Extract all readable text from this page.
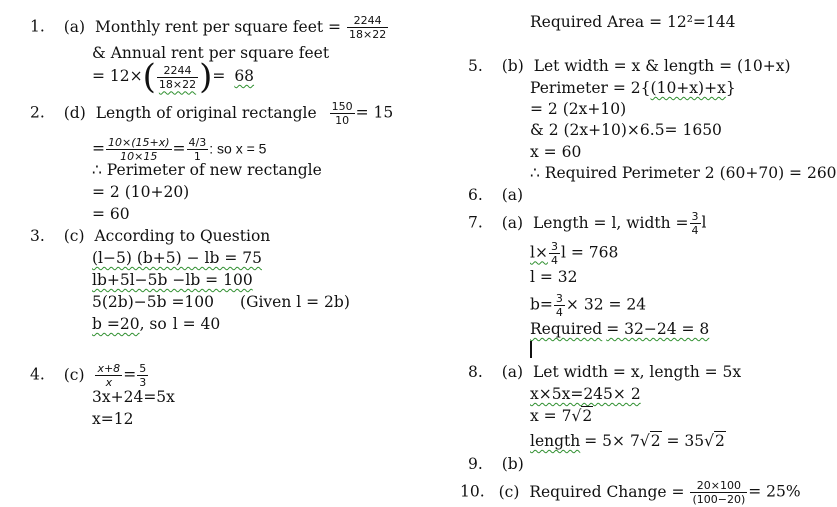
1. (a) Monthly rent per square feet = $\frac{2244}{18\times 22}$
& Annual rent per square feet
= $12\times( \frac{2244}{18\times 22}$ )= 68
2. (d) Length of original rectangle $\frac{150}{10} = 15$
= $\frac{10\times(15+x)}{10\times 15} = \frac{4/3}{1}$ : so x = 5
∴ Perimeter of new rectangle
= 2 (10+20)
= 60
3. (c) According to Question
(l−5) (b+5) − lb = 75
lb+5l−5b −lb = 100
5(2b)−5b =100 (Given l = 2b)
b =20, so l = 40
4. $(c) \frac{x+8}{x} = \frac{5}{3}$
3x+24=5x
x=12
Required Area = 12²=144
5. (b) Let width = x & length = (10+x)
Perimeter = 2{(10+x)+x}
= 2 (2x+10)
& 2 (2x+10)×6.5= 1650
x = 60
∴ Required Perimeter 2 (60+70) = 260
6. (a)
7. (a) Length = l, width = $\frac{3}{4}$ l
$l\times \frac{3}{4}$ l = 768
l = 32
$b= \frac{3}{4} \times 32 = 24$
Required = 32−24 = 8
8. (a) Let width = x, length = 5x
x×5x=245× 2
x = 7√2
length = 5× 7√2 = 35√2
9. (b)
10. (c) Required Change = $\frac{20\times 100}{(100-20)} = 25\%$
